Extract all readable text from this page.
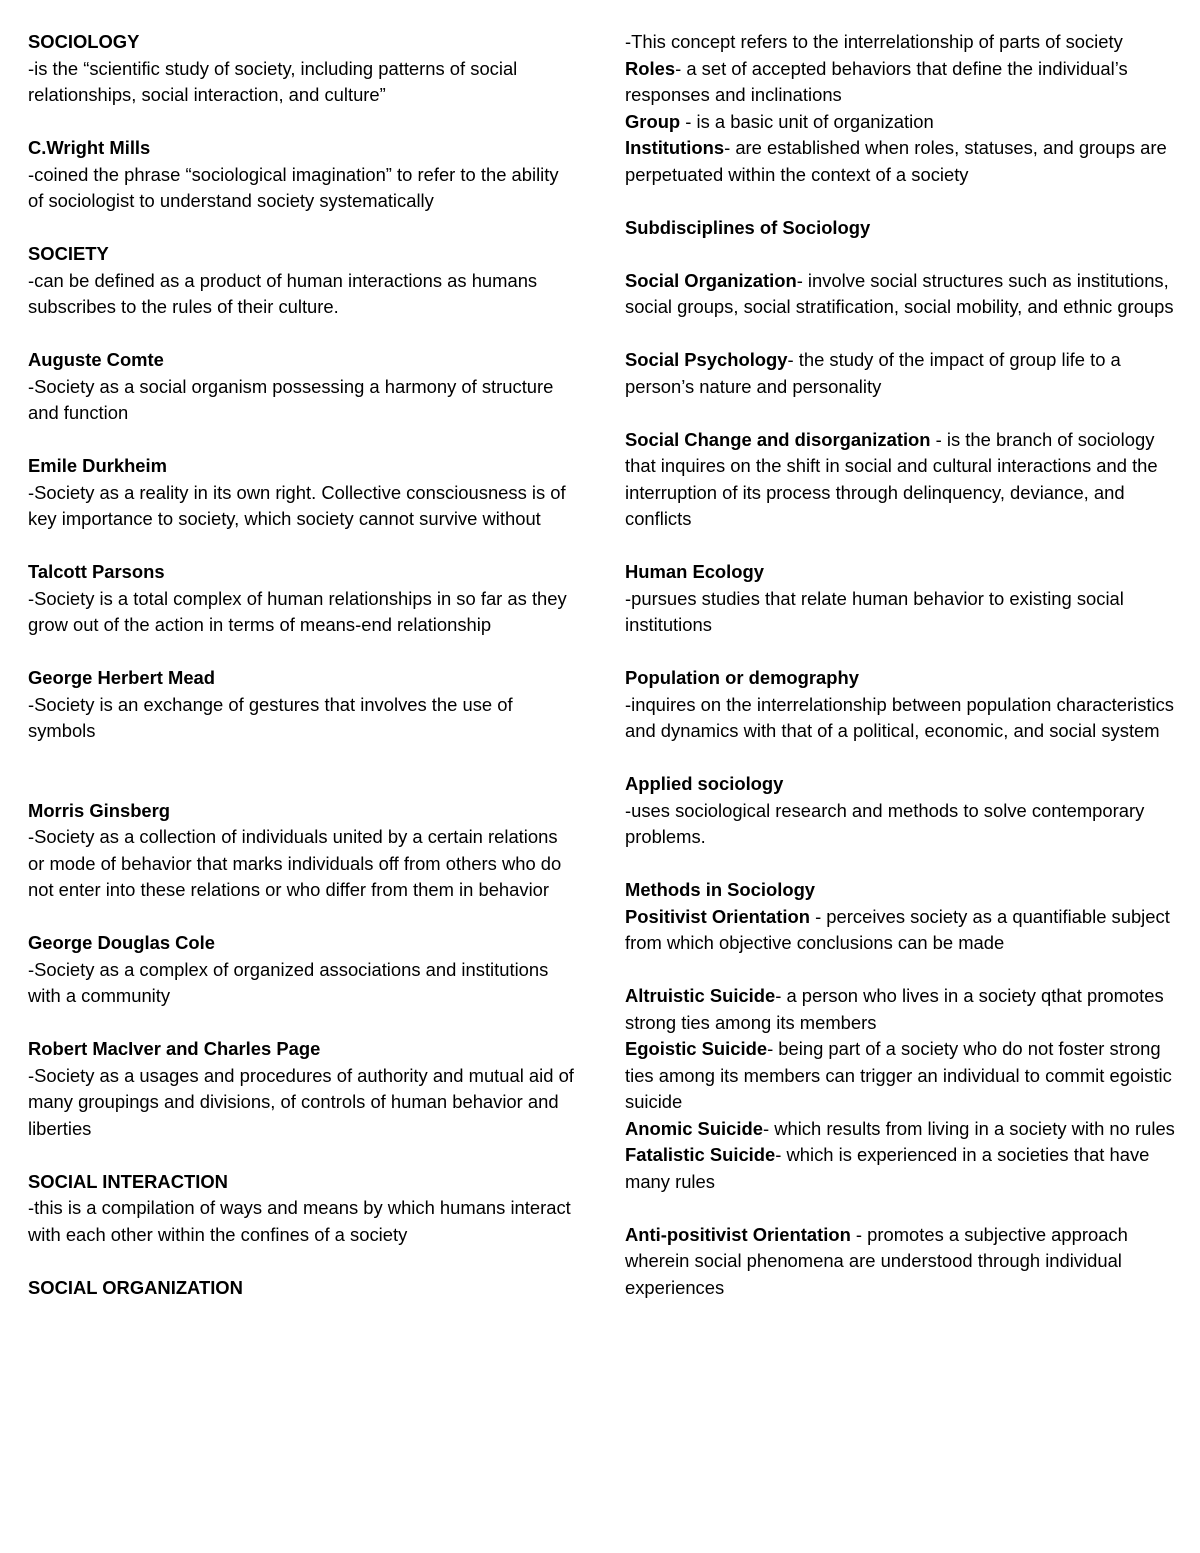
SOCIOLOGY
-is the “scientific study of society, including patterns of social relationships, social interaction, and culture”
C.Wright Mills
-coined the phrase “sociological imagination” to refer to the ability of sociologist to understand society systematically
SOCIETY
-can be defined as a product of human interactions as humans subscribes to the rules of their culture.
Auguste Comte
-Society as a social organism possessing a harmony of structure and function
Emile Durkheim
-Society as a reality in its own right. Collective consciousness is of key importance to society, which society cannot survive without
Talcott Parsons
-Society is a total complex of human relationships in so far as they grow out of the action in terms of means-end relationship
George Herbert Mead
-Society is an exchange of gestures that involves the use of symbols
Morris Ginsberg
-Society as a collection of individuals united by a certain relations or mode of behavior that marks individuals off from others who do not enter into these relations or who differ from them in behavior
George Douglas Cole
-Society as a complex of organized associations and institutions with a community
Robert MacIver and Charles Page
-Society as a usages and procedures of authority and mutual aid of many groupings and divisions, of controls of human behavior and liberties
SOCIAL INTERACTION
-this is a compilation of ways and means by which humans interact with each other within the confines of a society
SOCIAL ORGANIZATION
-This concept refers to the interrelationship of parts of society
Roles- a set of accepted behaviors that define the individual’s responses and inclinations
Group - is a basic unit of organization
Institutions- are established when roles, statuses, and groups are perpetuated within the context of a society
Subdisciplines of Sociology
Social Organization- involve social structures such as institutions, social groups, social stratification, social mobility, and ethnic groups
Social Psychology- the study of the impact of group life to a person’s nature and personality
Social Change and disorganization - is the branch of sociology that inquires on the shift in social and cultural interactions and the interruption of its process through delinquency, deviance, and conflicts
Human Ecology
-pursues studies that relate human behavior to existing social institutions
Population or demography
-inquires on the interrelationship between population characteristics and dynamics with that of a political, economic, and social system
Applied sociology
-uses sociological research and methods to solve contemporary problems.
Methods in Sociology
Positivist Orientation - perceives society as a quantifiable subject from which objective conclusions can be made
Altruistic Suicide- a person who lives in a society qthat promotes strong ties among its members
Egoistic Suicide- being part of a society who do not foster strong ties among its members can trigger an individual to commit egoistic suicide
Anomic Suicide- which results from living in a society with no rules
Fatalistic Suicide- which is experienced in a societies that have many rules
Anti-positivist Orientation - promotes a subjective approach wherein social phenomena are understood through individual experiences
